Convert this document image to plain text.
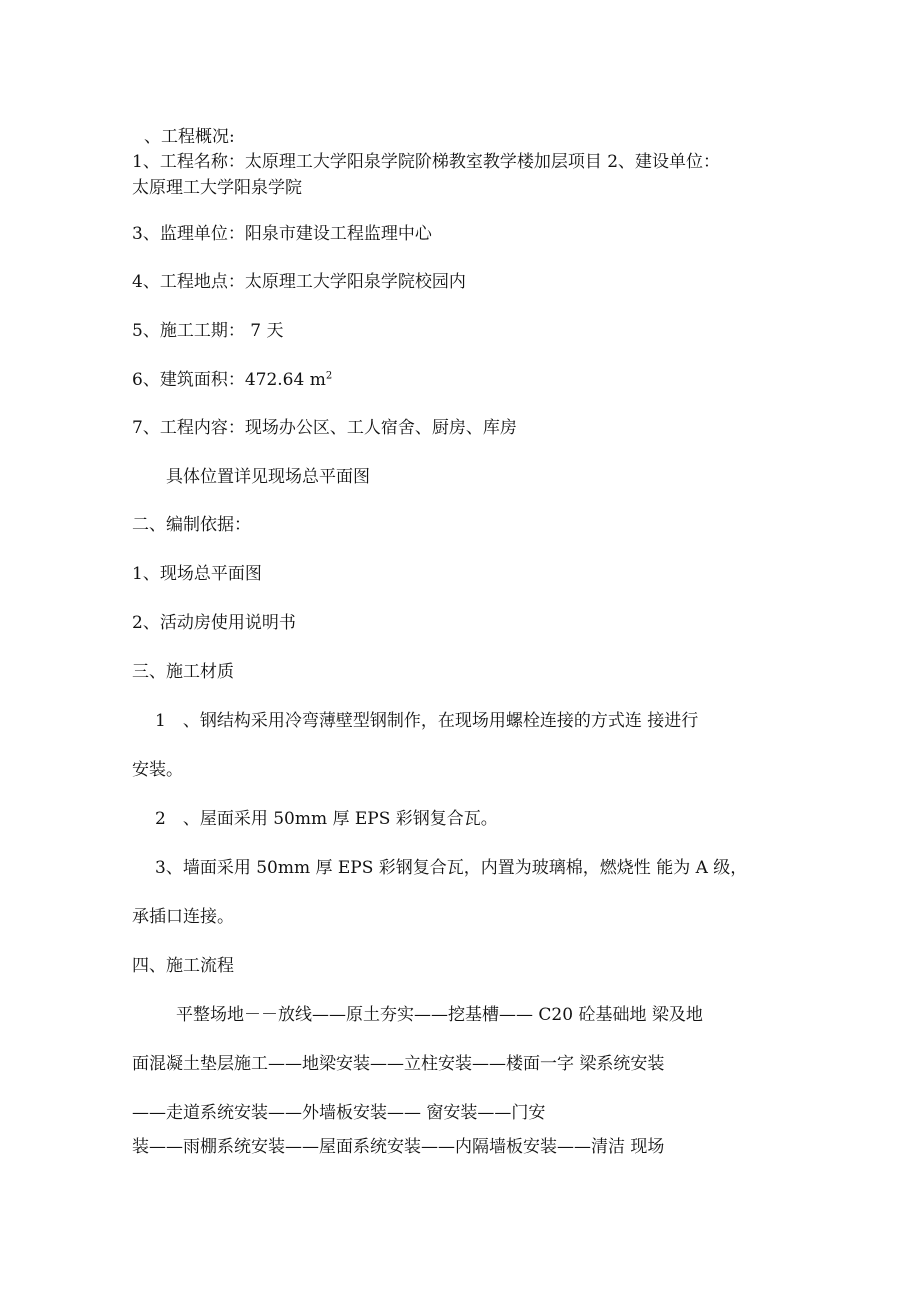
、工程概况:
1、工程名称：太原理工大学阳泉学院阶梯教室教学楼加层项目 2、建设单位：
太原理工大学阳泉学院
3、监理单位：阳泉市建设工程监理中心
4、工程地点：太原理工大学阳泉学院校园内
5、施工工期： 7 天
6、建筑面积：472.64 $m^2$
7、工程内容：现场办公区、工人宿舍、厨房、库房
具体位置详见现场总平面图
二、编制依据：
1、现场总平面图
2、活动房使用说明书
三、施工材质
1　、钢结构采用冷弯薄壁型钢制作，在现场用螺栓连接的方式连 接进行
安装。
2　、屋面采用 50mm 厚 EPS 彩钢复合瓦。
3、墙面采用 50mm 厚 EPS 彩钢复合瓦，内置为玻璃棉，燃烧性 能为 A 级，
承插口连接。
四、施工流程
平整场地－－放线——原土夯实——挖基槽—— C20 砼基础地 梁及地
面混凝土垫层施工——地梁安装——立柱安装——楼面一字 梁系统安装
——走道系统安装——外墙板安装—— 窗安装——门安
装——雨棚系统安装——屋面系统安装——内隔墙板安装——清洁 现场
